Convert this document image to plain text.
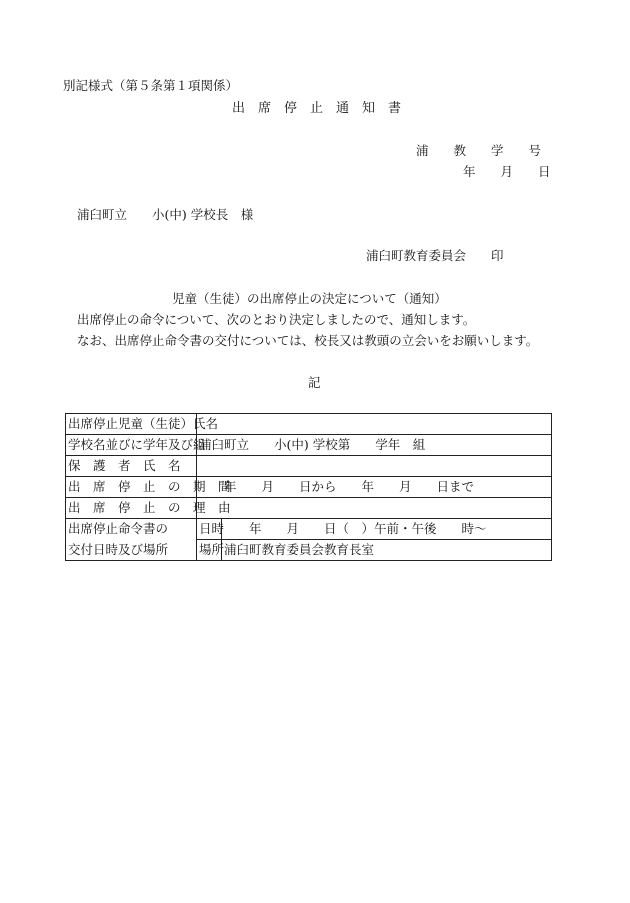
別記様式（第５条第１項関係）
出　席　停　止　通　知　書
浦　　教　　学　　号
年　　月　　日
浦臼町立　　小(中) 学校長　様
浦臼町教育委員会　　印
児童（生徒）の出席停止の決定について（通知）
出席停止の命令について、次のとおり決定しましたので、通知します。
なお、出席停止命令書の交付については、校長又は教頭の立会いをお願いします。
記
出席停止児童（生徒）氏名		
学校名並びに学年及び組	浦臼町立　　小(中) 学校第　　学年　組	
保　護　者　氏　名		
出　席　停　止　の　期　間	　　年　　月　　日から　　年　　月　　日まで	
出　席　停　止　の　理　由		
出席停止命令書の	日時	　　年　　月　　日（　）午前・午後　　時～
交付日時及び場所	場所	浦臼町教育委員会教育長室
